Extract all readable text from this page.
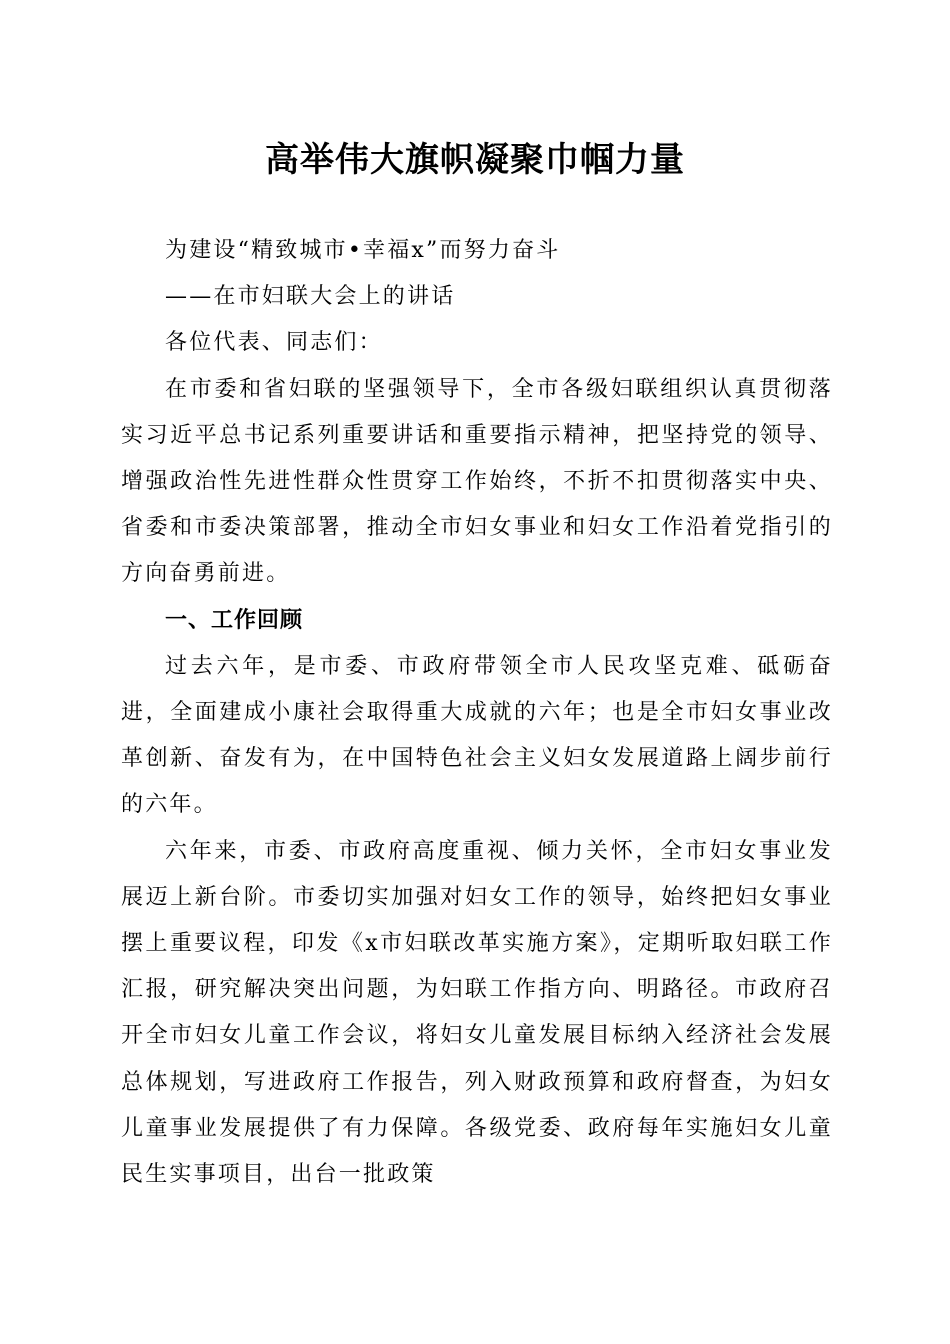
高举伟大旗帜凝聚巾帼力量

为建设“精致城市•幸福x”而努力奋斗

——在市妇联大会上的讲话

各位代表、同志们：

在市委和省妇联的坚强领导下，全市各级妇联组织认真贯彻落实习近平总书记系列重要讲话和重要指示精神，把坚持党的领导、增强政治性先进性群众性贯穿工作始终，不折不扣贯彻落实中央、省委和市委决策部署，推动全市妇女事业和妇女工作沿着党指引的方向奋勇前进。

一、工作回顾

过去六年，是市委、市政府带领全市人民攻坚克难、砥砺奋进，全面建成小康社会取得重大成就的六年；也是全市妇女事业改革创新、奋发有为，在中国特色社会主义妇女发展道路上阔步前行的六年。

六年来，市委、市政府高度重视、倾力关怀，全市妇女事业发展迈上新台阶。市委切实加强对妇女工作的领导，始终把妇女事业摆上重要议程，印发《x市妇联改革实施方案》，定期听取妇联工作汇报，研究解决突出问题，为妇联工作指方向、明路径。市政府召开全市妇女儿童工作会议，将妇女儿童发展目标纳入经济社会发展总体规划，写进政府工作报告，列入财政预算和政府督查，为妇女儿童事业发展提供了有力保障。各级党委、政府每年实施妇女儿童民生实事项目，出台一批政策
